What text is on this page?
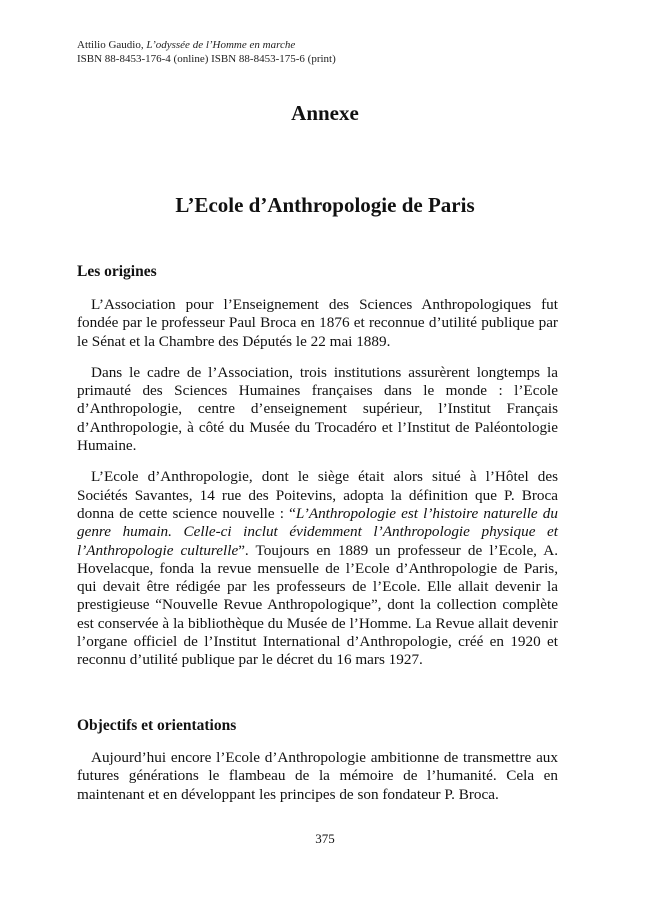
Attilio Gaudio, L’odyssée de l’Homme en marche
ISBN 88-8453-176-4 (online) ISBN 88-8453-175-6 (print)
Annexe
L’Ecole d’Anthropologie de Paris
Les origines

L’Association pour l’Enseignement des Sciences Anthropologiques fut fondée par le professeur Paul Broca en 1876 et reconnue d’utilité publique par le Sénat et la Chambre des Députés le 22 mai 1889.

Dans le cadre de l’Association, trois institutions assurèrent longtemps la primauté des Sciences Humaines françaises dans le monde : l’Ecole d’Anthropologie, centre d’enseignement supérieur, l’Institut Français d’Anthropologie, à côté du Musée du Trocadéro et l’Institut de Paléontologie Humaine.

L’Ecole d’Anthropologie, dont le siège était alors situé à l’Hôtel des Sociétés Savantes, 14 rue des Poitevins, adopta la définition que P. Broca donna de cette science nouvelle : “L’Anthropologie est l’histoire naturelle du genre humain. Celle-ci inclut évidemment l’Anthropologie physique et l’Anthropologie culturelle”. Toujours en 1889 un professeur de l’Ecole, A. Hovelacque, fonda la revue mensuelle de l’Ecole d’Anthropologie de Paris, qui devait être rédigée par les professeurs de l’Ecole. Elle allait devenir la prestigieuse “Nouvelle Revue Anthropologique”, dont la collection complète est conservée à la bibliothèque du Musée de l’Homme. La Revue allait devenir l’organe officiel de l’Institut International d’Anthropologie, créé en 1920 et reconnu d’utilité publique par le décret du 16 mars 1927.

Objectifs et orientations

Aujourd’hui encore l’Ecole d’Anthropologie ambitionne de transmettre aux futures générations le flambeau de la mémoire de l’humanité. Cela en maintenant et en développant les principes de son fondateur P. Broca.

375
